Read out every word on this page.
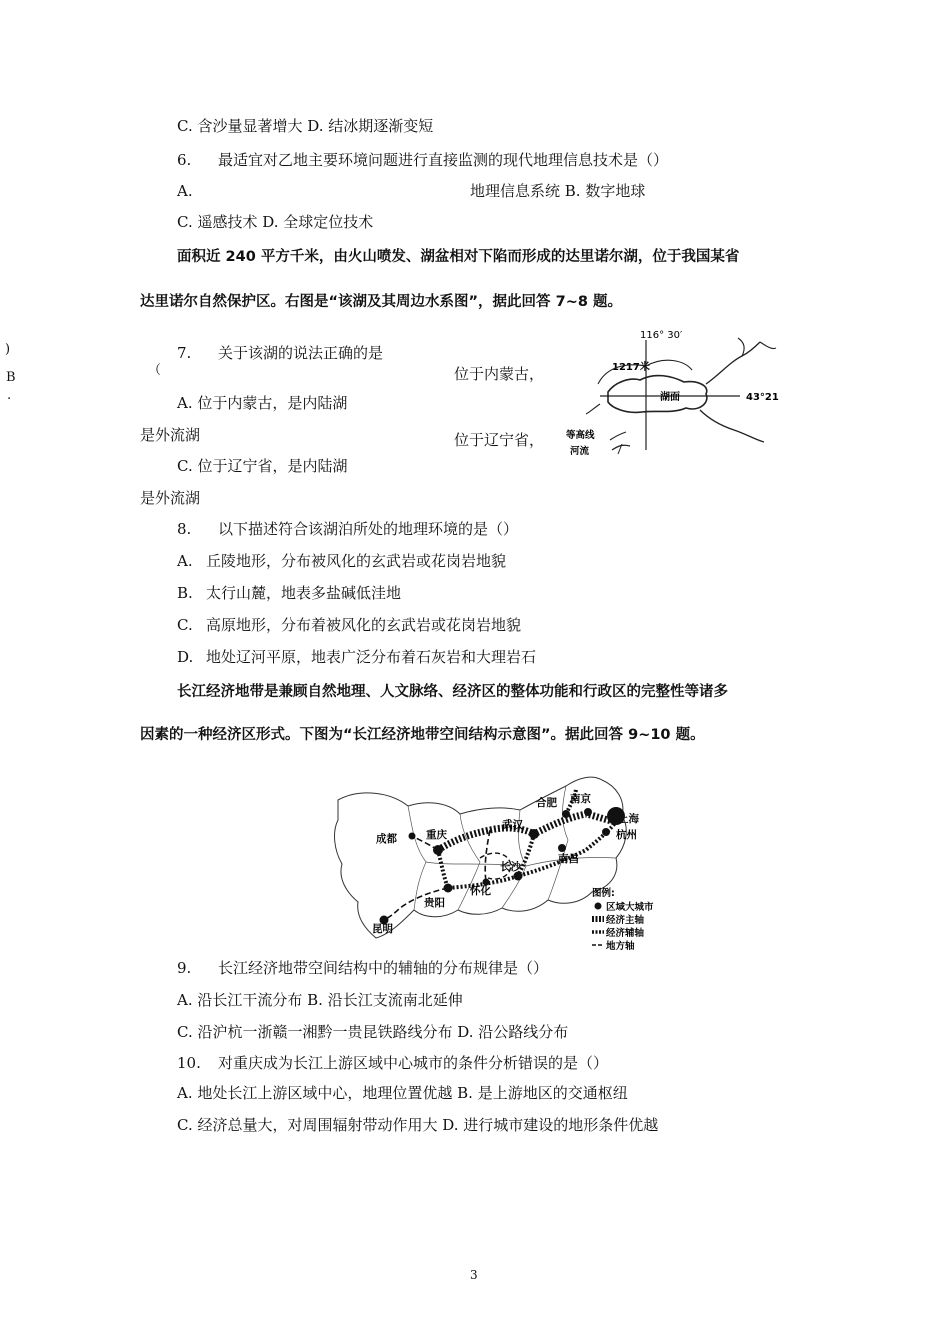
C. 含沙量显著增大 D. 结冰期逐渐变短
6. 最适宜对乙地主要环境问题进行直接监测的现代地理信息技术是（）
A.	地理信息系统 B. 数字地球
C. 遥感技术 D. 全球定位技术
面积近 240 平方千米，由火山喷发、湖盆相对下陷而形成的达里诺尔湖，位于我国某省
达里诺尔自然保护区。右图是“该湖及其周边水系图”，据此回答 7~8 题。
)
B
.
7. 关于该湖的说法正确的是
（	位于内蒙古，
A. 位于内蒙古，是内陆湖
是外流湖	位于辽宁省，
C. 位于辽宁省，是内陆湖
是外流湖
116° 30′
43°21
1217米
湖面
等高线
河流
8. 以下描述符合该湖泊所处的地理环境的是（）
A. 丘陵地形，分布被风化的玄武岩或花岗岩地貌
B. 太行山麓，地表多盐碱低洼地
C. 高原地形，分布着被风化的玄武岩或花岗岩地貌
D. 地处辽河平原，地表广泛分布着石灰岩和大理岩石
长江经济地带是兼顾自然地理、人文脉络、经济区的整体功能和行政区的完整性等诸多
因素的一种经济区形式。下图为“长江经济地带空间结构示意图”。据此回答 9~10 题。
成都	重庆
武汉
合肥 南京
上海
杭州
南昌
长沙
怀化
贵阳
昆明
图例:
区域大城市
经济主轴
经济辅轴
地方轴
9. 长江经济地带空间结构中的辅轴的分布规律是（）
A. 沿长江干流分布 B. 沿长江支流南北延伸
C. 沿沪杭一浙赣一湘黔一贵昆铁路线分布 D. 沿公路线分布
10. 对重庆成为长江上游区域中心城市的条件分析错误的是（）
A. 地处长江上游区域中心，地理位置优越 B. 是上游地区的交通枢纽
C. 经济总量大，对周围辐射带动作用大 D. 进行城市建设的地形条件优越
3
